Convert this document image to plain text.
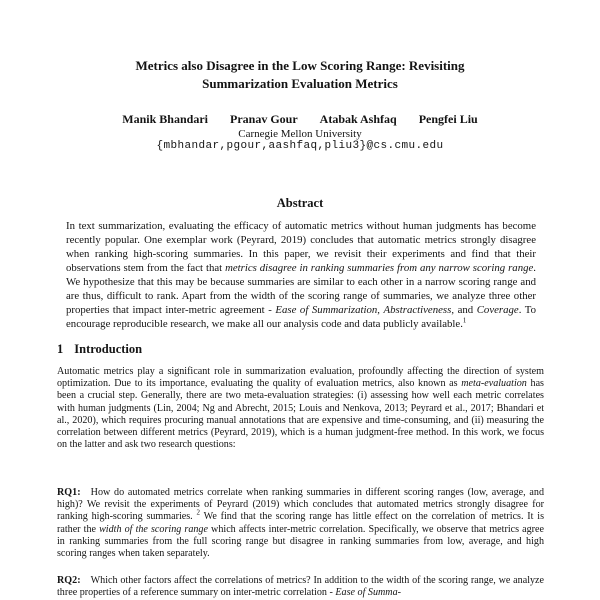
Metrics also Disagree in the Low Scoring Range: Revisiting Summarization Evaluation Metrics
Manik Bhandari Pranav Gour Atabak Ashfaq Pengfei Liu
Carnegie Mellon University
{mbhandar,pgour,aashfaq,pliu3}@cs.cmu.edu
Abstract

In text summarization, evaluating the efficacy of automatic metrics without human judgments has become recently popular. One exemplar work (Peyrard, 2019) concludes that automatic metrics strongly disagree when ranking high-scoring summaries. In this paper, we revisit their experiments and find that their observations stem from the fact that metrics disagree in ranking summaries from any narrow scoring range. We hypothesize that this may be because summaries are similar to each other in a narrow scoring range and are thus, difficult to rank. Apart from the width of the scoring range of summaries, we analyze three other properties that impact inter-metric agreement - Ease of Summarization, Abstractiveness, and Coverage. To encourage reproducible research, we make all our analysis code and data publicly available.$^1$

1 Introduction

Automatic metrics play a significant role in summarization evaluation, profoundly affecting the direction of system optimization. Due to its importance, evaluating the quality of evaluation metrics, also known as meta-evaluation has been a crucial step. Generally, there are two meta-evaluation strategies: (i) assessing how well each metric correlates with human judgments (Lin, 2004; Ng and Abrecht, 2015; Louis and Nenkova, 2013; Peyrard et al., 2017; Bhandari et al., 2020), which requires procuring manual annotations that are expensive and time-consuming, and (ii) measuring the correlation between different metrics (Peyrard, 2019), which is a human judgment-free method. In this work, we focus on the latter and ask two research questions:

RQ1: How do automated metrics correlate when ranking summaries in different scoring ranges (low, average, and high)? We revisit the experiments of Peyrard (2019) which concludes that automated metrics strongly disagree for ranking high-scoring summaries. $^2$ We find that the scoring range has little effect on the correlation of metrics. It is rather the width of the scoring range which affects inter-metric correlation. Specifically, we observe that metrics agree in ranking summaries from the full scoring range but disagree in ranking summaries from low, average, and high scoring ranges when taken separately.

RQ2: Which other factors affect the correlations of metrics? In addition to the width of the scoring range, we analyze three properties of a reference summary on inter-metric correlation - Ease of Summa-
